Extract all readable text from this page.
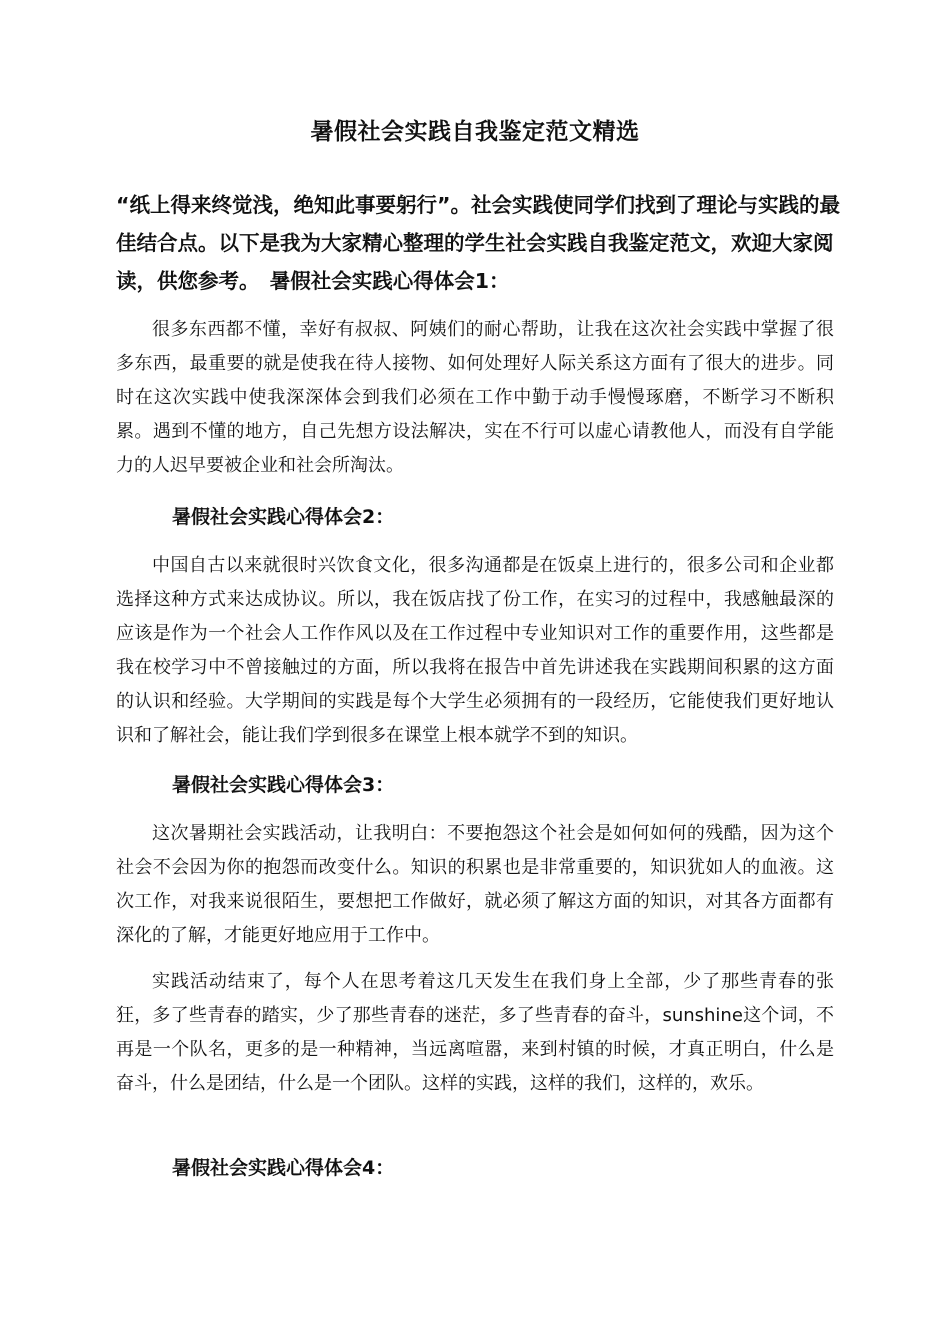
暑假社会实践自我鉴定范文精选

“纸上得来终觉浅，绝知此事要躬行”。社会实践使同学们找到了理论与实践的最佳结合点。以下是我为大家精心整理的学生社会实践自我鉴定范文，欢迎大家阅读，供您参考。　暑假社会实践心得体会1：

很多东西都不懂，幸好有叔叔、阿姨们的耐心帮助，让我在这次社会实践中掌握了很多东西，最重要的就是使我在待人接物、如何处理好人际关系这方面有了很大的进步。同时在这次实践中使我深深体会到我们必须在工作中勤于动手慢慢琢磨，不断学习不断积累。遇到不懂的地方，自己先想方设法解决，实在不行可以虚心请教他人，而没有自学能力的人迟早要被企业和社会所淘汰。

暑假社会实践心得体会2：

中国自古以来就很时兴饮食文化，很多沟通都是在饭桌上进行的，很多公司和企业都选择这种方式来达成协议。所以，我在饭店找了份工作，在实习的过程中，我感触最深的应该是作为一个社会人工作作风以及在工作过程中专业知识对工作的重要作用，这些都是我在校学习中不曾接触过的方面，所以我将在报告中首先讲述我在实践期间积累的这方面的认识和经验。大学期间的实践是每个大学生必须拥有的一段经历，它能使我们更好地认识和了解社会，能让我们学到很多在课堂上根本就学不到的知识。

暑假社会实践心得体会3：

这次暑期社会实践活动，让我明白：不要抱怨这个社会是如何如何的残酷，因为这个社会不会因为你的抱怨而改变什么。知识的积累也是非常重要的，知识犹如人的血液。这次工作，对我来说很陌生，要想把工作做好，就必须了解这方面的知识，对其各方面都有深化的了解，才能更好地应用于工作中。

实践活动结束了，每个人在思考着这几天发生在我们身上全部，少了那些青春的张狂，多了些青春的踏实，少了那些青春的迷茫，多了些青春的奋斗，sunshine这个词，不再是一个队名，更多的是一种精神，当远离喧嚣，来到村镇的时候，才真正明白，什么是奋斗，什么是团结，什么是一个团队。这样的实践，这样的我们，这样的，欢乐。

暑假社会实践心得体会4：
